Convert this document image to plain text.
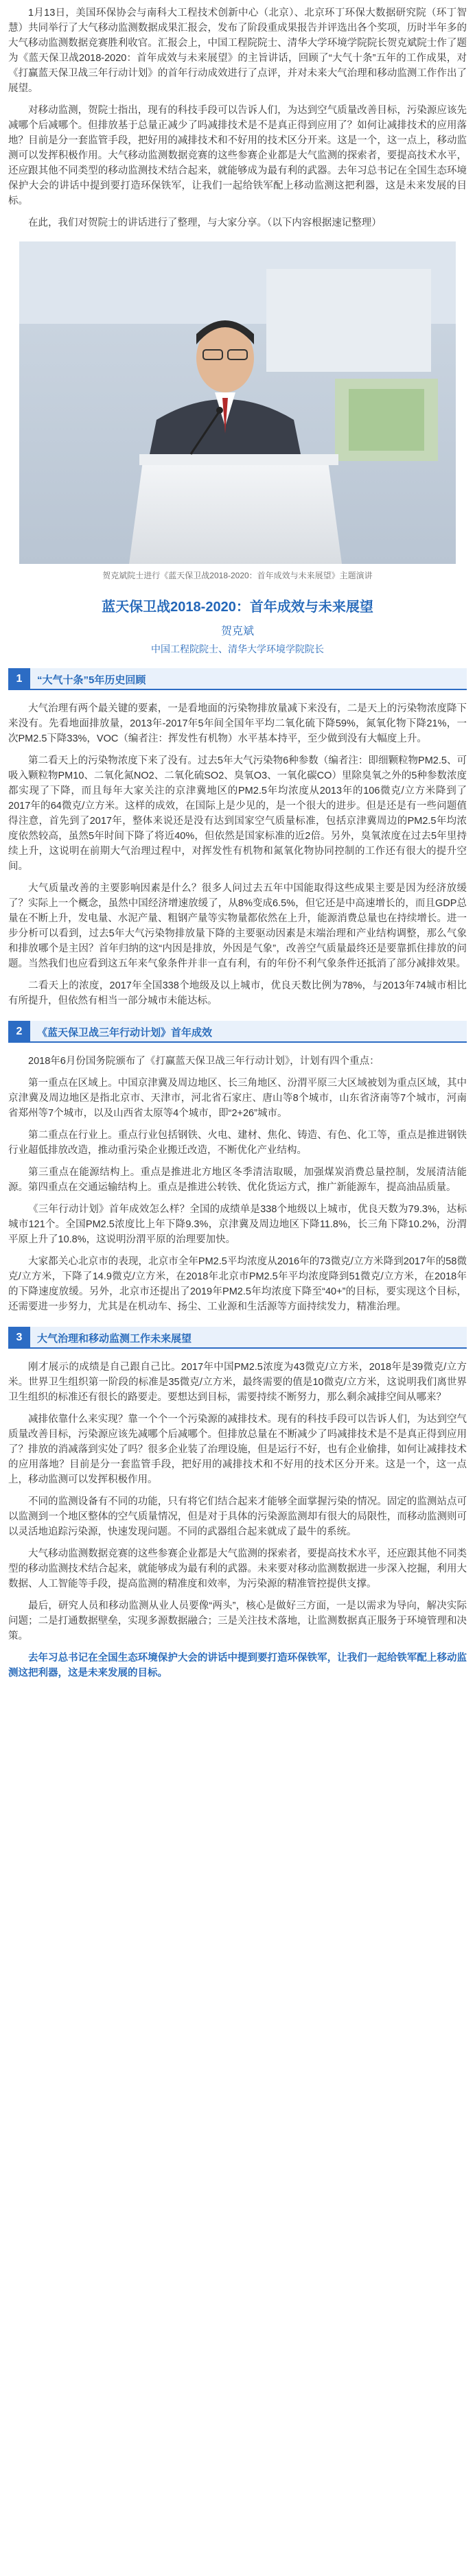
1月13日，美国环保协会与南科大工程技术创新中心（北京）、北京环丁环保大数据研究院（环丁智慧）共同举行了大气移动监测数据成果汇报会，发布了阶段重成果报告并评选出各个奖项，历时半年多的大气移动监测数据竞赛胜利收官。汇报会上，中国工程院院士、清华大学环境学院院长贺克斌院士作了题为《蓝天保卫战2018-2020：首年成效与未来展望》的主旨讲话，回顾了“大气十条”五年的工作成果，对《打赢蓝天保卫战三年行动计划》的首年行动成效进行了点评，并对未来大气治理和移动监测工作作出了展望。

对移动监测，贺院士指出，现有的科技手段可以告诉人们，为达到空气质量改善目标，污染源应该先减哪个后减哪个。但排放基于总量正减少了吗减排技术是不是真正得到应用了？如何让减排技术的应用落地？目前是分一套监管手段，把好用的减排技术和不好用的技术区分开来。这是一个，这一点上，移动监测可以发挥积极作用。大气移动监测数据竞赛的这些参赛企业都是大气监测的探索者，要提高技术水平，还应跟其他不同类型的移动监测技术结合起来，就能够成为最有利的武器。去年习总书记在全国生态环境保护大会的讲话中提到要打造环保铁军，让我们一起给铁军配上移动监测这把利器，这是未来发展的目标。

在此，我们对贺院士的讲话进行了整理，与大家分享。（以下内容根据速记整理）

贺克斌院士进行《蓝天保卫战2018-2020：首年成效与未来展望》主题演讲

蓝天保卫战2018-2020：首年成效与未来展望
贺克斌
中国工程院院士、清华大学环境学院院长
1	“大气十条”5年历史回顾

大气治理有两个最关键的要素，一是看地面的污染物排放量减下来没有，二是天上的污染物浓度降下来没有。先看地面排放量，2013年-2017年5年间全国年平均二氧化硫下降59%，氮氧化物下降21%，一次PM2.5下降33%，VOC（编者注：挥发性有机物）水平基本持平，至少做到没有大幅度上升。

第二看天上的污染物浓度下来了没有。过去5年大气污染物6种参数（编者注：即细颗粒物PM2.5、可吸入颗粒物PM10、二氧化氮NO2、二氧化硫SO2、臭氧O3、一氧化碳CO）里除臭氧之外的5种参数浓度都实现了下降，而且每年大家关注的京津冀地区的PM2.5年均浓度从2013年的106微克/立方米降到了2017年的64微克/立方米。这样的成效，在国际上是少见的，是一个很大的进步。但是还是有一些问题值得注意，首先到了2017年，整体来说还是没有达到国家空气质量标准，包括京津冀周边的PM2.5年均浓度依然较高，虽然5年时间下降了将近40%，但依然是国家标准的近2倍。另外，臭氧浓度在过去5年里持续上升，这说明在前期大气治理过程中，对挥发性有机物和氮氧化物协同控制的工作还有很大的提升空间。

大气质量改善的主要影响因素是什么？很多人问过去五年中国能取得这些成果主要是因为经济放缓了？实际上一个概念，虽然中国经济增速放缓了，从8%变成6.5%，但它还是中高速增长的，而且GDP总量在不断上升，发电量、水泥产量、粗钢产量等实物量都依然在上升，能源消费总量也在持续增长。进一步分析可以看到，过去5年大气污染物排放量下降的主要驱动因素是末端治理和产业结构调整，那么气象和排放哪个是主因？首年归纳的这“内因是排放，外因是气象”，改善空气质量最终还是要靠抓住排放的问题。当然我们也应看到这五年来气象条件并非一直有利，有的年份不利气象条件还抵消了部分减排效果。

二看天上的浓度，2017年全国338个地级及以上城市，优良天数比例为78%，与2013年74城市相比有所提升，但依然有相当一部分城市未能达标。

2	《蓝天保卫战三年行动计划》首年成效

2018年6月份国务院颁布了《打赢蓝天保卫战三年行动计划》，计划有四个重点：

第一重点在区域上。中国京津冀及周边地区、长三角地区、汾渭平原三大区域被划为重点区域，其中京津冀及周边地区是指北京市、天津市，河北省石家庄、唐山等8个城市，山东省济南等7个城市，河南省郑州等7个城市，以及山西省太原等4个城市，即“2+26”城市。

第二重点在行业上。重点行业包括钢铁、火电、建材、焦化、铸造、有色、化工等，重点是推进钢铁行业超低排放改造，推动重污染企业搬迁改造，不断优化产业结构。

第三重点在能源结构上。重点是推进北方地区冬季清洁取暖，加强煤炭消费总量控制，发展清洁能源。第四重点在交通运输结构上。重点是推进公转铁、优化货运方式，推广新能源车，提高油品质量。

《三年行动计划》首年成效怎么样？全国的成绩单是338个地级以上城市，优良天数为79.3%，达标城市121个。全国PM2.5浓度比上年下降9.3%，京津冀及周边地区下降11.8%，长三角下降10.2%，汾渭平原上升了10.8%，这说明汾渭平原的治理要加快。

大家都关心北京市的表现，北京市全年PM2.5平均浓度从2016年的73微克/立方米降到2017年的58微克/立方米，下降了14.9微克/立方米，在2018年北京市PM2.5年平均浓度降到51微克/立方米，在2018年的下降速度放缓。另外，北京市还提出了2019年PM2.5年均浓度下降至“40+”的目标，要实现这个目标，还需要进一步努力，尤其是在机动车、扬尘、工业源和生活源等方面持续发力，精准治理。

3	大气治理和移动监测工作未来展望

刚才展示的成绩是自己跟自己比。2017年中国PM2.5浓度为43微克/立方米，2018年是39微克/立方米。世界卫生组织第一阶段的标准是35微克/立方米，最终需要的值是10微克/立方米，这说明我们离世界卫生组织的标准还有很长的路要走。要想达到目标，需要持续不断努力，那么剩余减排空间从哪来？

减排依靠什么来实现？靠一个个一个污染源的减排技术。现有的科技手段可以告诉人们，为达到空气质量改善目标，污染源应该先减哪个后减哪个。但排放总量在不断减少了吗减排技术是不是真正得到应用了？排放的消减落到实处了吗？很多企业装了治理设施，但是运行不好，也有企业偷排，如何让减排技术的应用落地？目前是分一套监管手段，把好用的减排技术和不好用的技术区分开来。这是一个，这一点上，移动监测可以发挥积极作用。

不同的监测设备有不同的功能，只有将它们结合起来才能够全面掌握污染的情况。固定的监测站点可以监测到一个地区整体的空气质量情况，但是对于具体的污染源监测却有很大的局限性，而移动监测则可以灵活地追踪污染源，快速发现问题。不同的武器组合起来就成了最牛的系统。

大气移动监测数据竞赛的这些参赛企业都是大气监测的探索者，要提高技术水平，还应跟其他不同类型的移动监测技术结合起来，就能够成为最有利的武器。未来要对移动监测数据进一步深入挖掘，利用大数据、人工智能等手段，提高监测的精准度和效率，为污染源的精准管控提供支撑。

最后，研究人员和移动监测从业人员要像“两头”，核心是做好三方面，一是以需求为导向，解决实际问题；二是打通数据壁垒，实现多源数据融合；三是关注技术落地，让监测数据真正服务于环境管理和决策。

去年习总书记在全国生态环境保护大会的讲话中提到要打造环保铁军，让我们一起给铁军配上移动监测这把利器，这是未来发展的目标。
